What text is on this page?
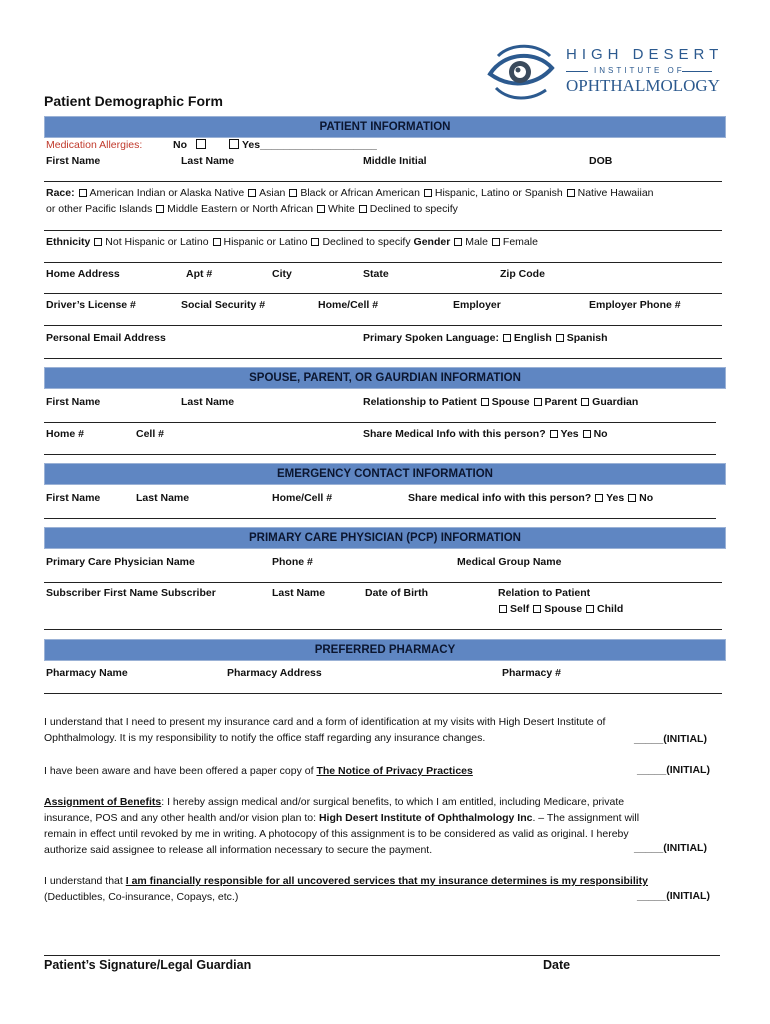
HIGH DESERT
INSTITUTE OF
OPHTHALMOLOGY
Patient Demographic Form
PATIENT INFORMATION
Medication Allergies:	No	Yes____________________
First Name	Last Name	Middle Initial	DOB
Race: American Indian or Alaska Native Asian Black or African American Hispanic, Latino or Spanish Native Hawaiian
or other Pacific Islands Middle Eastern or North African White Declined to specify
Ethnicity Not Hispanic or Latino Hispanic or Latino Declined to specify Gender Male Female
Home Address	Apt #	City	State	Zip Code
Driver’s License #	Social Security #	Home/Cell #	Employer	Employer Phone #
Personal Email Address	Primary Spoken Language: English Spanish
SPOUSE, PARENT, OR GAURDIAN INFORMATION
First Name	Last Name	Relationship to Patient Spouse Parent Guardian
Home #	Cell #	Share Medical Info with this person? Yes No
EMERGENCY CONTACT INFORMATION
First Name	Last Name	Home/Cell #	Share medical info with this person? Yes No
PRIMARY CARE PHYSICIAN (PCP) INFORMATION
Primary Care Physician Name	Phone #	Medical Group Name
Subscriber First Name Subscriber	Last Name	Date of Birth	Relation to Patient
Self Spouse Child
PREFERRED PHARMACY
Pharmacy Name	Pharmacy Address	Pharmacy #
I understand that I need to present my insurance card and a form of identification at my visits with High Desert Institute of
Ophthalmology. It is my responsibility to notify the office staff regarding any insurance changes.	_____(INITIAL)
I have been aware and have been offered a paper copy of The Notice of Privacy Practices	_____(INITIAL)
Assignment of Benefits: I hereby assign medical and/or surgical benefits, to which I am entitled, including Medicare, private
insurance, POS and any other health and/or vision plan to: High Desert Institute of Ophthalmology Inc. – The assignment will
remain in effect until revoked by me in writing. A photocopy of this assignment is to be considered as valid as original. I hereby
authorize said assignee to release all information necessary to secure the payment.	_____(INITIAL)
I understand that I am financially responsible for all uncovered services that my insurance determines is my responsibility
(Deductibles, Co-insurance, Copays, etc.)	_____(INITIAL)
Patient’s Signature/Legal Guardian	Date
